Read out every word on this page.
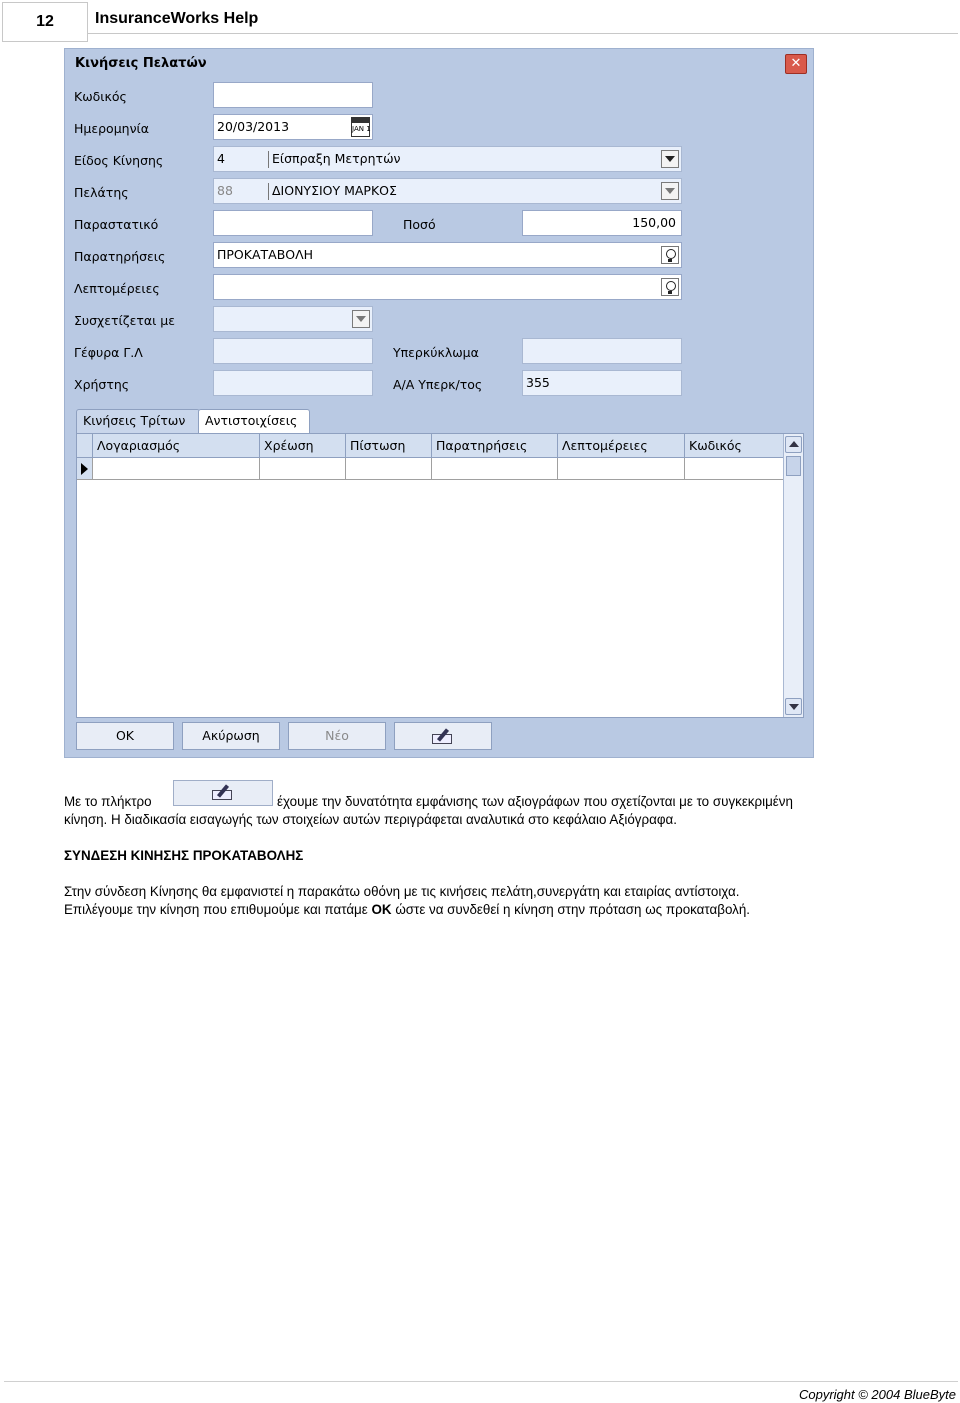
12	InsuranceWorks Help
Κινήσεις Πελατών	✕
Κωδικός
Ημερομηνία	20/03/2013	JAN 1
Είδος Κίνησης	4	Είσπραξη Μετρητών
Πελάτης	88	ΔΙΟΝΥΣΙΟΥ ΜΑΡΚΟΣ
Παραστατικό	Ποσό	150,00
Παρατηρήσεις	ΠΡΟΚΑΤΑΒΟΛΗ
Λεπτομέρειες
Συσχετίζεται με
Γέφυρα Γ.Λ	Υπερκύκλωμα
Χρήστης	Α/Α Υπερκ/τος	355
Κινήσεις Τρίτων	Αντιστοιχίσεις
Λογαριασμός	Χρέωση	Πίστωση	Παρατηρήσεις	Λεπτομέρειες	Κωδικός
OK	Ακύρωση	Νέο
Με το πλήκτρο	έχουμε την δυνατότητα εμφάνισης των αξιογράφων που σχετίζονται με το συγκεκριμένη
κίνηση. Η διαδικασία εισαγωγής των στοιχείων αυτών περιγράφεται αναλυτικά στο κεφάλαιο Αξιόγραφα.
ΣΥΝΔΕΣΗ ΚΙΝΗΣΗΣ ΠΡΟΚΑΤΑΒΟΛΗΣ
Στην σύνδεση Κίνησης θα εμφανιστεί η παρακάτω οθόνη με τις κινήσεις πελάτη,συνεργάτη και εταιρίας αντίστοιχα.
Επιλέγουμε την κίνηση που επιθυμούμε και πατάμε OK ώστε να συνδεθεί η κίνηση στην πρόταση ως προκαταβολή.
Copyright © 2004 BlueByte
